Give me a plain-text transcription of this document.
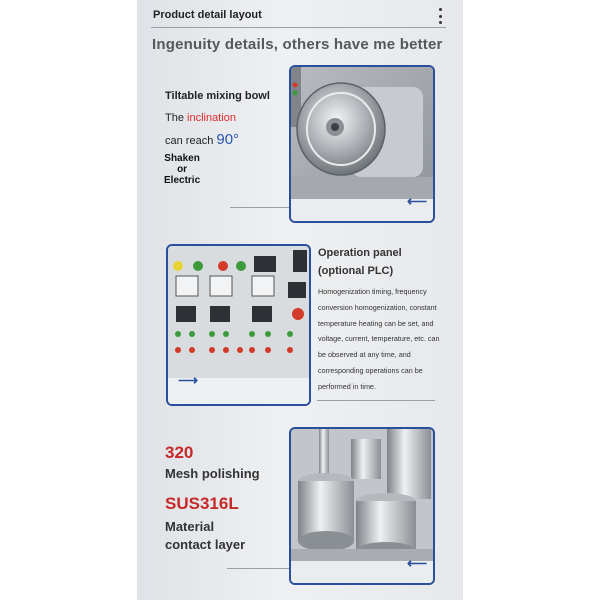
Product detail layout
Ingenuity details, others have me better
Tiltable mixing bowl
The inclination
can reach 90°
Shaken
or
Electric
⟵
⟶
Operation panel
(optional PLC)
Homogenization timing, frequency conversion homogenization, constant temperature heating can be set, and voltage, current, temperature, etc. can be observed at any time, and corresponding operations can be performed in time.
320
Mesh polishing
SUS316L
Material
contact layer
⟵
